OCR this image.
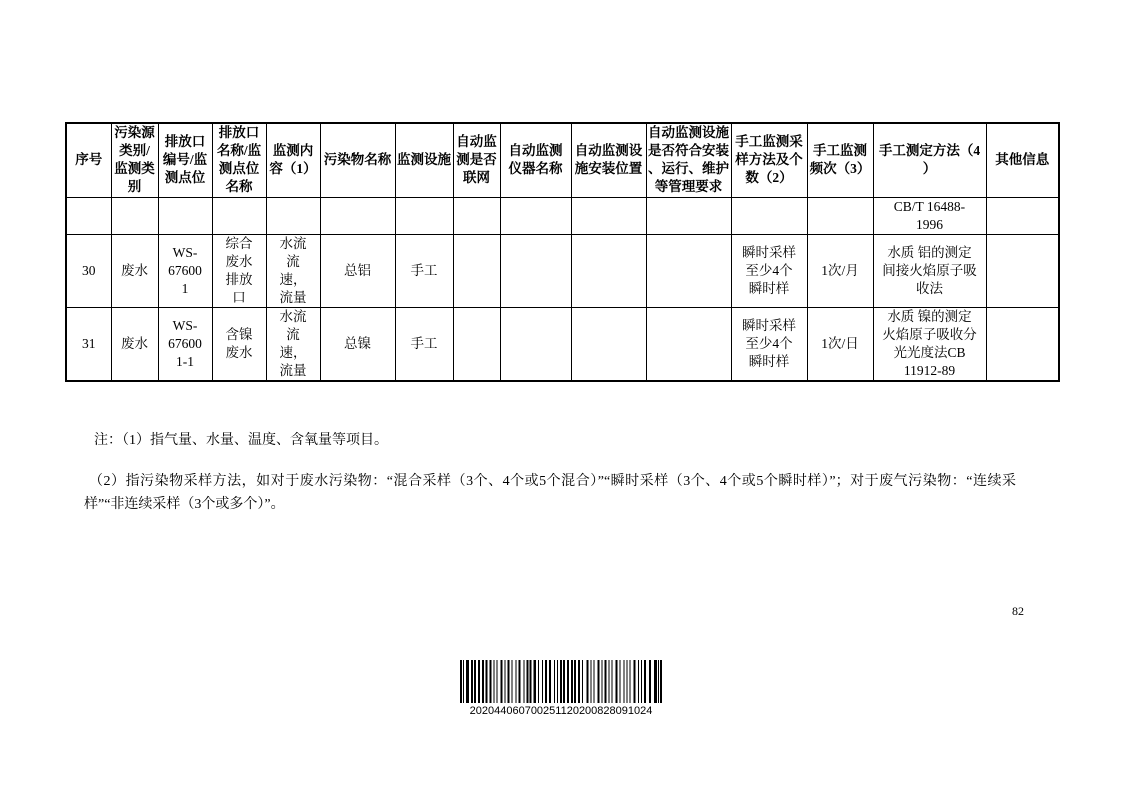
序号	污染源类别/监测类别	排放口编号/监测点位	排放口名称/监测点位名称	监测内容（1）	污染物名称	监测设施	自动监测是否联网	自动监测仪器名称	自动监测设施安装位置	自动监测设施是否符合安装、运行、维护等管理要求	手工监测采样方法及个数（2）	手工监测频次（3）	手工测定方法（4）	其他信息
													CB/T 16488-1996	
30	废水	WS-676001	综合废水排放口	水流流速，流量	总铝	手工					瞬时采样至少4个瞬时样	1次/月	水质 铝的测定间接火焰原子吸收法	
31	废水	WS-676001-1	含镍废水	水流流速，流量	总镍	手工					瞬时采样至少4个瞬时样	1次/日	水质 镍的测定火焰原子吸收分光光度法CB 11912-89	
注：（1）指气量、水量、温度、含氧量等项目。
（2）指污染物采样方法，如对于废水污染物：“混合采样（3个、4个或5个混合）”“瞬时采样（3个、4个或5个瞬时样）”；对于废气污染物：“连续采样”“非连续采样（3个或多个）”。
82
202044060700251120200828091024
